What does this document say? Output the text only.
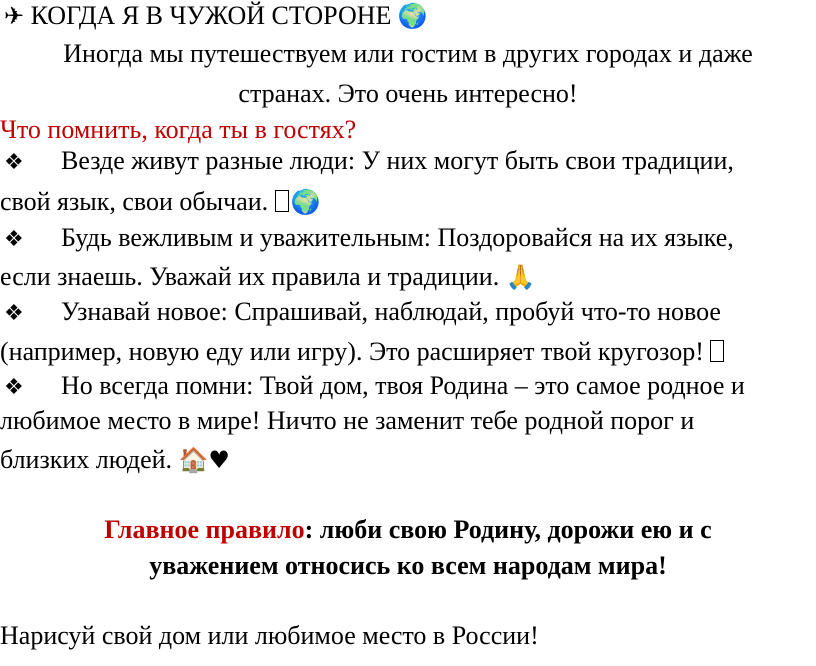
✈ КОГДА Я В ЧУЖОЙ СТОРОНЕ 🌍
Иногда мы путешествуем или гостим в других городах и даже
странах. Это очень интересно!
Что помнить, когда ты в гостях?
❖ Везде живут разные люди: У них могут быть свои традиции,
свой язык, свои обычаи. 🌍
❖ Будь вежливым и уважительным: Поздоровайся на их языке,
если знаешь. Уважай их правила и традиции. 🙏
❖ Узнавай новое: Спрашивай, наблюдай, пробуй что-то новое
(например, новую еду или игру). Это расширяет твой кругозор!
❖ Но всегда помни: Твой дом, твоя Родина – это самое родное и
любимое место в мире! Ничто не заменит тебе родной порог и
близких людей. 🏠♥
Главное правило: люби свою Родину, дорожи ею и с
уважением относись ко всем народам мира!
Нарисуй свой дом или любимое место в России!
